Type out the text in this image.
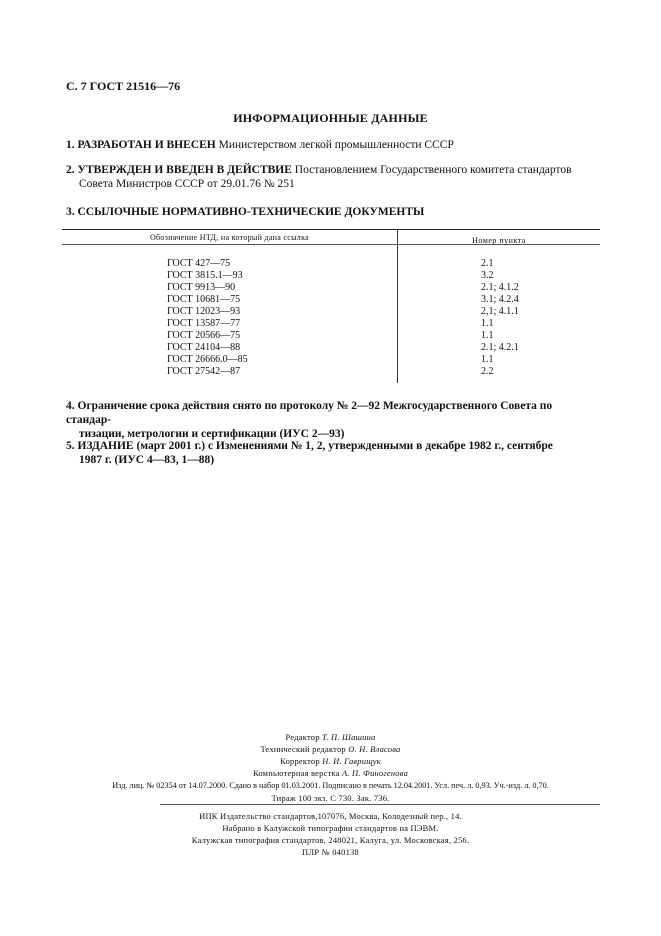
С. 7 ГОСТ 21516—76
ИНФОРМАЦИОННЫЕ ДАННЫЕ
1. РАЗРАБОТАН И ВНЕСЕН Министерством легкой промышленности СССР
2. УТВЕРЖДЕН И ВВЕДЕН В ДЕЙСТВИЕ Постановлением Государственного комитета стандартов
Совета Министров СССР от 29.01.76 № 251
3. ССЫЛОЧНЫЕ НОРМАТИВНО-ТЕХНИЧЕСКИЕ ДОКУМЕНТЫ
Обозначение НТД, на который дана ссылка	Номер пункта
ГОСТ 427—75
ГОСТ 3815.1—93
ГОСТ 9913—90
ГОСТ 10681—75
ГОСТ 12023—93
ГОСТ 13587—77
ГОСТ 20566—75
ГОСТ 24104—88
ГОСТ 26666.0—85
ГОСТ 27542—87
2.1
3.2
2.1; 4.1.2
3.1; 4.2.4
2,1; 4.1.1
1.1
1.1
2.1; 4.2.1
1.1
2.2
4. Ограничение срока действия снято по протоколу № 2—92 Межгосударственного Совета по стандар-
тизации, метрологии и сертификации (ИУС 2—93)
5. ИЗДАНИЕ (март 2001 г.) с Изменениями № 1, 2, утвержденными в декабре 1982 г., сентябре
1987 г. (ИУС 4—83, 1—88)
Редактор Т. П. Шашина
Технический редактор О. Н. Власова
Корректор Н. И. Гаврищук
Компьютерная верстка А. П. Финогенова
Изд. лиц. № 02354 от 14.07.2000. Сдано в набор 01.03.2001. Подписано в печать 12.04.2001. Усл. печ. л. 0,93. Уч.-изд. л. 0,70.
Тираж 100 экз. С 730. Зак. 736.
ИПК Издательство стандартов,107076, Москва, Колодезный пер., 14.
Набрано в Калужской типографии стандартов на ПЭВМ.
Калужская типография стандартов, 248021, Калуга, ул. Московская, 256.
ПЛР № 040138
